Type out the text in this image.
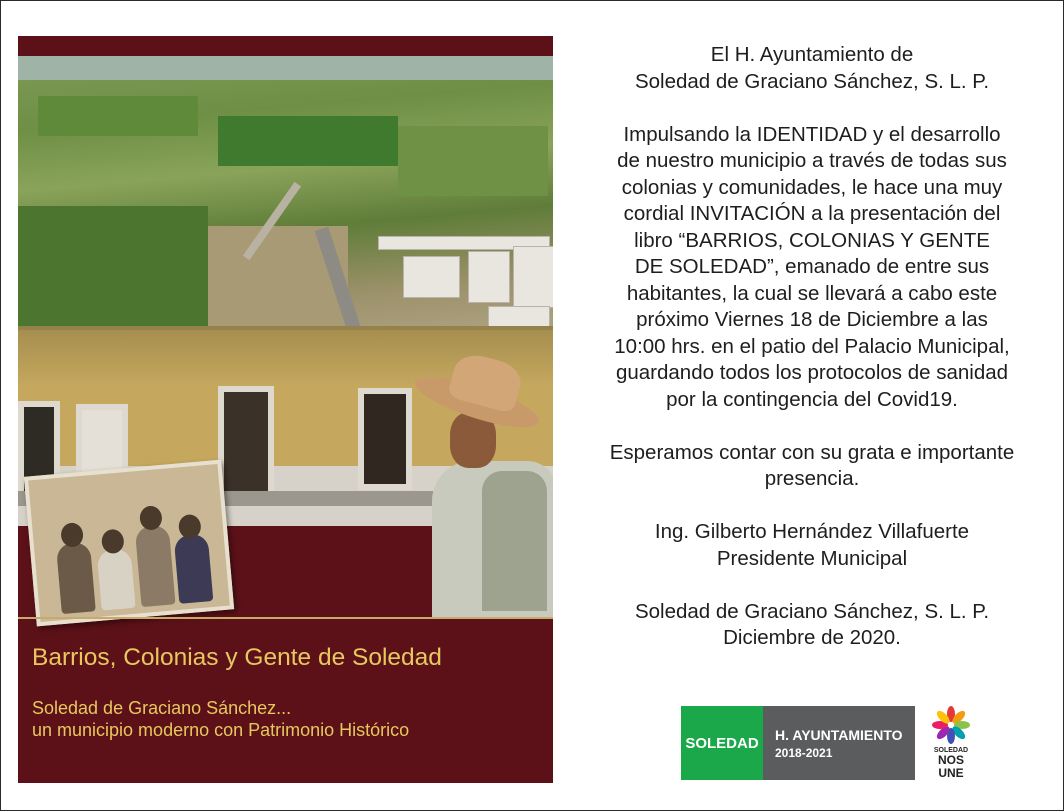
Barrios, Colonias y Gente de Soledad

Soledad de Graciano Sánchez...
un municipio moderno con Patrimonio Histórico

El H. Ayuntamiento de

Soledad de Graciano Sánchez, S. L. P.

Impulsando la IDENTIDAD y el desarrollo

de nuestro municipio a través de todas sus

colonias y comunidades, le hace una muy

cordial INVITACIÓN a la presentación del

libro “BARRIOS, COLONIAS Y GENTE

DE SOLEDAD”, emanado de entre sus

habitantes, la cual se llevará a cabo este

próximo Viernes 18 de Diciembre a las

10:00 hrs. en el patio del Palacio Municipal,

guardando todos los protocolos de sanidad

por la contingencia del Covid19.

Esperamos contar con su grata e importante

presencia.

Ing. Gilberto Hernández Villafuerte

Presidente Municipal

Soledad de Graciano Sánchez, S. L. P.

Diciembre de 2020.

SOLEDAD H. AYUNTAMIENTO
2018-2021	SOLEDAD
NOS
UNE
